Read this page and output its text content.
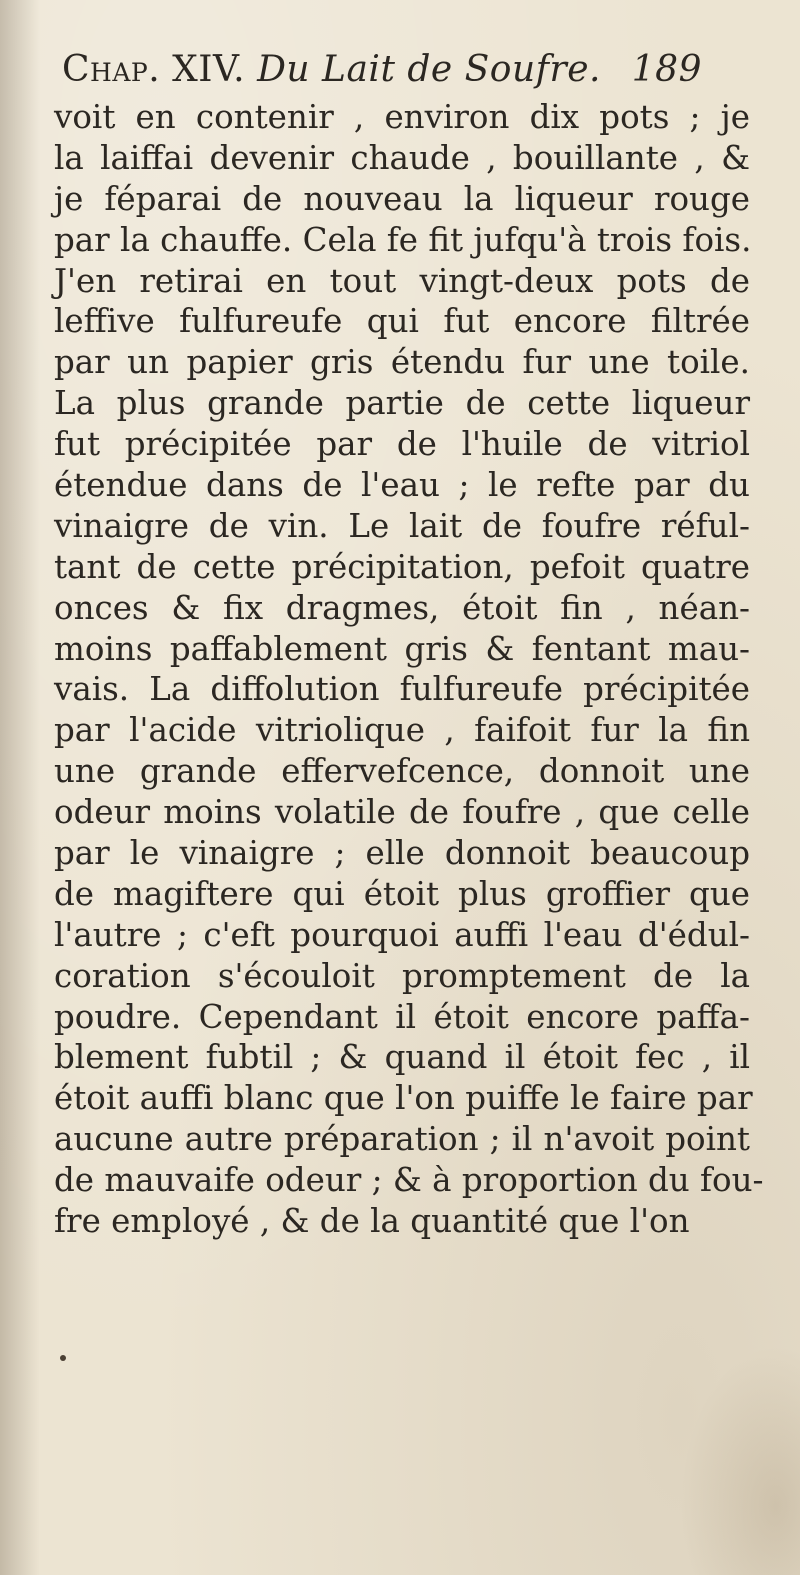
Chap. XIV. Du Lait de Soufre. 189
voit en contenir , environ dix pots ; je
la laiffai devenir chaude , bouillante , &
je féparai de nouveau la liqueur rouge
par la chauffe. Cela fe fit jufqu'à trois fois.
J'en retirai en tout vingt-deux pots de
leffive fulfureufe qui fut encore filtrée
par un papier gris étendu fur une toile.
La plus grande partie de cette liqueur
fut précipitée par de l'huile de vitriol
étendue dans de l'eau ; le refte par du
vinaigre de vin. Le lait de foufre réful-
tant de cette précipitation, pefoit quatre
onces & fix dragmes, étoit fin , néan-
moins paffablement gris & fentant mau-
vais. La diffolution fulfureufe précipitée
par l'acide vitriolique , faifoit fur la fin
une grande effervefcence, donnoit une
odeur moins volatile de foufre , que celle
par le vinaigre ; elle donnoit beaucoup
de magiftere qui étoit plus groffier que
l'autre ; c'eft pourquoi auffi l'eau d'édul-
coration s'écouloit promptement de la
poudre. Cependant il étoit encore paffa-
blement fubtil ; & quand il étoit fec , il
étoit auffi blanc que l'on puiffe le faire par
aucune autre préparation ; il n'avoit point
de mauvaife odeur ; & à proportion du fou-
fre employé , & de la quantité que l'on
